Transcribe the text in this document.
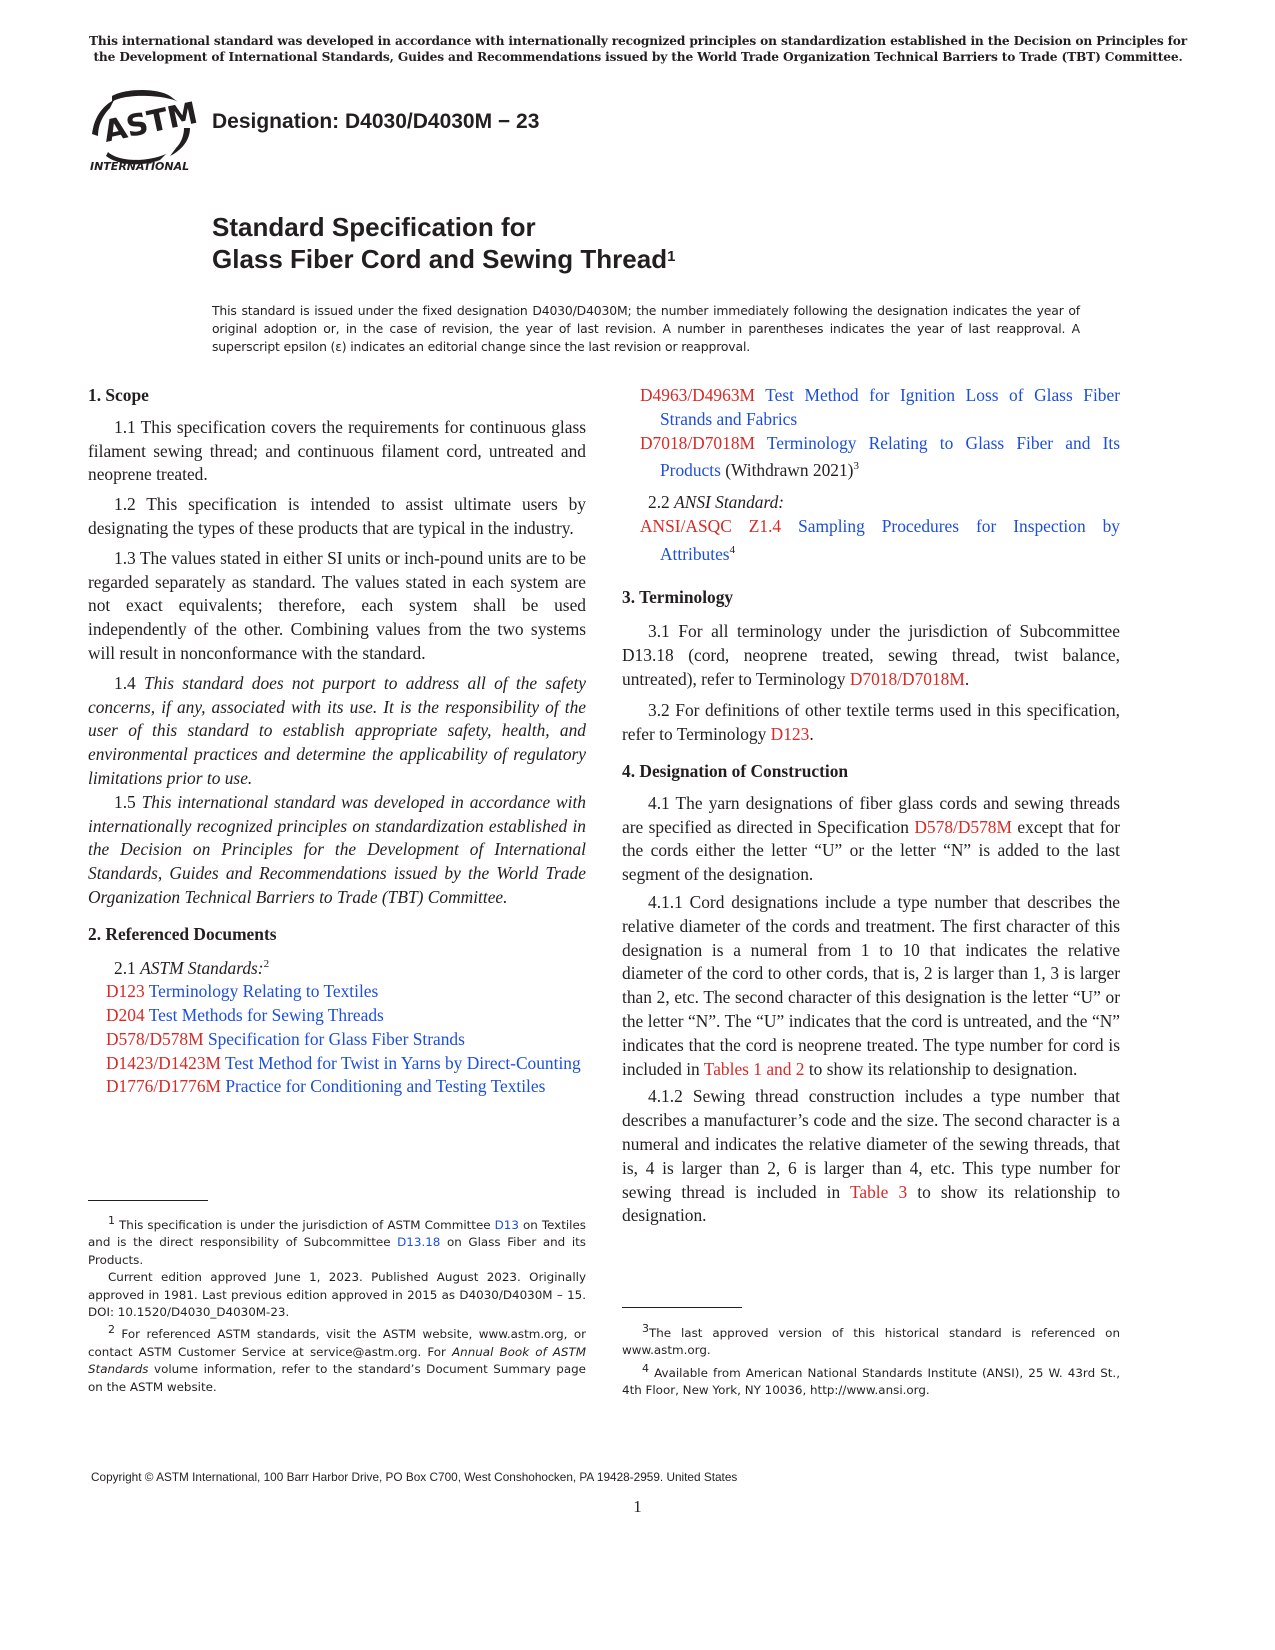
This international standard was developed in accordance with internationally recognized principles on standardization established in the Decision on Principles for the Development of International Standards, Guides and Recommendations issued by the World Trade Organization Technical Barriers to Trade (TBT) Committee.
ASTM
INTERNATIONAL
Designation: D4030/D4030M − 23
Standard Specification for
Glass Fiber Cord and Sewing Thread$^1$
This standard is issued under the fixed designation D4030/D4030M; the number immediately following the designation indicates the year of original adoption or, in the case of revision, the year of last revision. A number in parentheses indicates the year of last reapproval. A superscript epsilon (ε) indicates an editorial change since the last revision or reapproval.

1. Scope

1.1 This specification covers the requirements for continuous glass filament sewing thread; and continuous filament cord, untreated and neoprene treated.

1.2 This specification is intended to assist ultimate users by designating the types of these products that are typical in the industry.

1.3 The values stated in either SI units or inch-pound units are to be regarded separately as standard. The values stated in each system are not exact equivalents; therefore, each system shall be used independently of the other. Combining values from the two systems will result in nonconformance with the standard.

1.4 This standard does not purport to address all of the safety concerns, if any, associated with its use. It is the responsibility of the user of this standard to establish appropriate safety, health, and environmental practices and determine the applicability of regulatory limitations prior to use.

1.5 This international standard was developed in accordance with internationally recognized principles on standardization established in the Decision on Principles for the Development of International Standards, Guides and Recommendations issued by the World Trade Organization Technical Barriers to Trade (TBT) Committee.

2. Referenced Documents

2.1 ASTM Standards:$^2$

D123 Terminology Relating to Textiles

D204 Test Methods for Sewing Threads

D578/D578M Specification for Glass Fiber Strands

D1423/D1423M Test Method for Twist in Yarns by Direct-Counting

D1776/D1776M Practice for Conditioning and Testing Textiles

$^1$ This specification is under the jurisdiction of ASTM Committee D13 on Textiles and is the direct responsibility of Subcommittee D13.18 on Glass Fiber and its Products.

Current edition approved June 1, 2023. Published August 2023. Originally approved in 1981. Last previous edition approved in 2015 as D4030/D4030M – 15. DOI: 10.1520/D4030_D4030M-23.

$^2$ For referenced ASTM standards, visit the ASTM website, www.astm.org, or contact ASTM Customer Service at service@astm.org. For Annual Book of ASTM Standards volume information, refer to the standard’s Document Summary page on the ASTM website.

D4963/D4963M Test Method for Ignition Loss of Glass Fiber Strands and Fabrics

D7018/D7018M Terminology Relating to Glass Fiber and Its Products (Withdrawn 2021)$^3$

2.2 ANSI Standard:

ANSI/ASQC Z1.4 Sampling Procedures for Inspection by Attributes$^4$

3. Terminology

3.1 For all terminology under the jurisdiction of Subcommittee D13.18 (cord, neoprene treated, sewing thread, twist balance, untreated), refer to Terminology D7018/D7018M.

3.2 For definitions of other textile terms used in this specification, refer to Terminology D123.

4. Designation of Construction

4.1 The yarn designations of fiber glass cords and sewing threads are specified as directed in Specification D578/D578M except that for the cords either the letter “U” or the letter “N” is added to the last segment of the designation.

4.1.1 Cord designations include a type number that describes the relative diameter of the cords and treatment. The first character of this designation is a numeral from 1 to 10 that indicates the relative diameter of the cord to other cords, that is, 2 is larger than 1, 3 is larger than 2, etc. The second character of this designation is the letter “U” or the letter “N”. The “U” indicates that the cord is untreated, and the “N” indicates that the cord is neoprene treated. The type number for cord is included in Tables 1 and 2 to show its relationship to designation.

4.1.2 Sewing thread construction includes a type number that describes a manufacturer’s code and the size. The second character is a numeral and indicates the relative diameter of the sewing threads, that is, 4 is larger than 2, 6 is larger than 4, etc. This type number for sewing thread is included in Table 3 to show its relationship to designation.

$^3$The last approved version of this historical standard is referenced on www.astm.org.

$^4$ Available from American National Standards Institute (ANSI), 25 W. 43rd St., 4th Floor, New York, NY 10036, http://www.ansi.org.

Copyright © ASTM International, 100 Barr Harbor Drive, PO Box C700, West Conshohocken, PA 19428-2959. United States
1
